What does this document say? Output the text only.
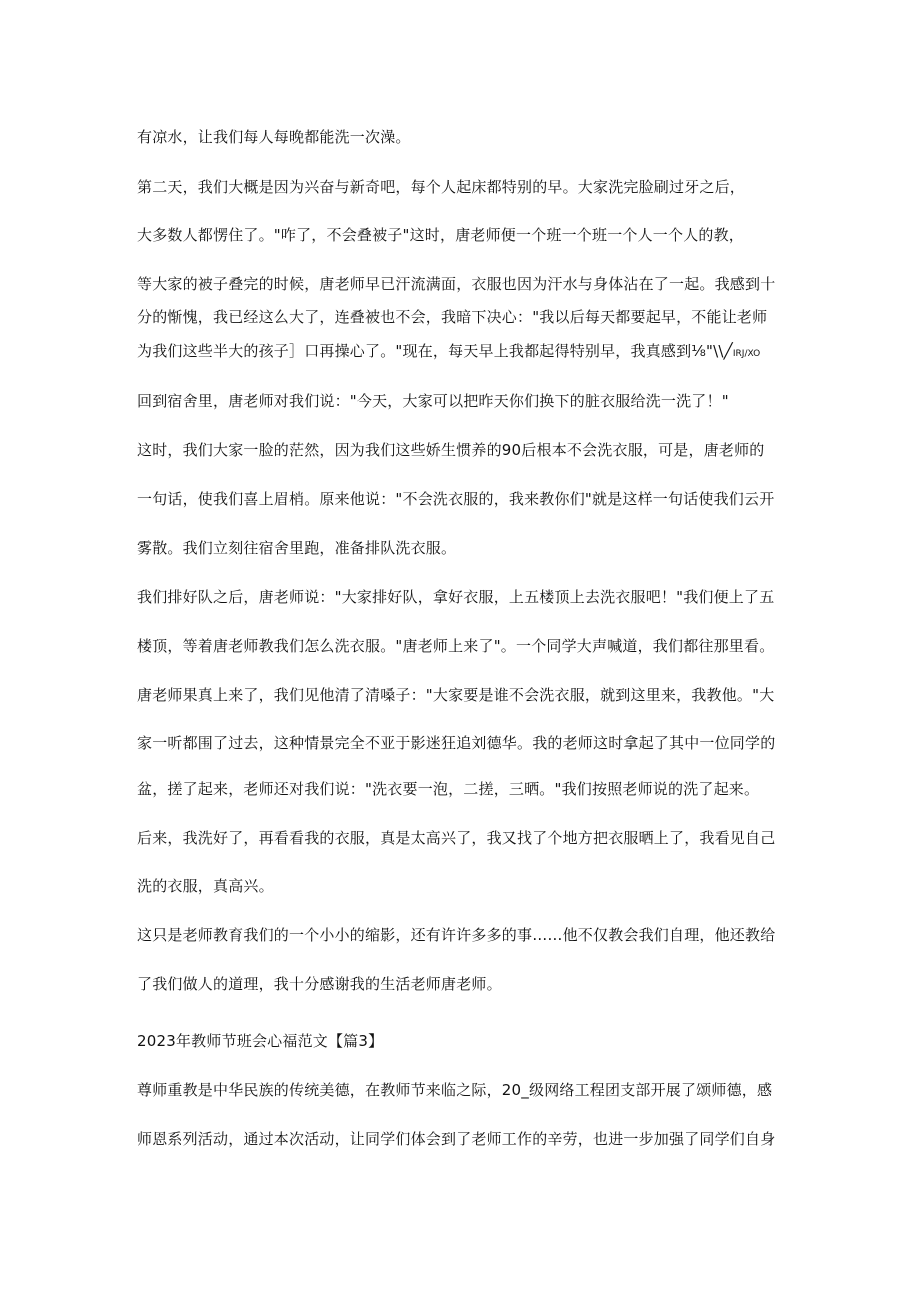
有凉水，让我们每人每晚都能洗一次澡。
第二天，我们大概是因为兴奋与新奇吧，每个人起床都特别的早。大家洗完脸刷过牙之后，
大多数人都愣住了。"咋了，不会叠被子"这时，唐老师便一个班一个班一个人一个人的教，
等大家的被子叠完的时候，唐老师早已汗流满面，衣服也因为汗水与身体沾在了一起。我感到十
分的惭愧，我已经这么大了，连叠被也不会，我暗下决心："我以后每天都要起早，不能让老师
为我们这些半大的孩子］口再操心了。"现在，每天早上我都起得特别早，我真感到⅛"\\╱IRJ/XO
回到宿舍里，唐老师对我们说："今天，大家可以把昨天你们换下的脏衣服给洗一洗了！"
这时，我们大家一脸的茫然，因为我们这些娇生惯养的90后根本不会洗衣服，可是，唐老师的
一句话，使我们喜上眉梢。原来他说："不会洗衣服的，我来教你们"就是这样一句话使我们云开
雾散。我们立刻往宿舍里跑，准备排队洗衣服。
我们排好队之后，唐老师说："大家排好队，拿好衣服，上五楼顶上去洗衣服吧！"我们便上了五
楼顶，等着唐老师教我们怎么洗衣服。"唐老师上来了"。一个同学大声喊道，我们都往那里看。
唐老师果真上来了，我们见他清了清嗓子："大家要是谁不会洗衣服，就到这里来，我教他。"大
家一听都围了过去，这种情景完全不亚于影迷狂追刘德华。我的老师这时拿起了其中一位同学的
盆，搓了起来，老师还对我们说："洗衣要一泡，二搓，三晒。"我们按照老师说的洗了起来。
后来，我洗好了，再看看我的衣服，真是太高兴了，我又找了个地方把衣服晒上了，我看见自己
洗的衣服，真高兴。
这只是老师教育我们的一个小小的缩影，还有许许多多的事……他不仅教会我们自理，他还教给
了我们做人的道理，我十分感谢我的生活老师唐老师。
2023年教师节班会心福范文【篇3】
尊师重教是中华民族的传统美德，在教师节来临之际，20_级网络工程团支部开展了颂师德，感
师恩系列活动，通过本次活动，让同学们体会到了老师工作的辛劳，也进一步加强了同学们自身
